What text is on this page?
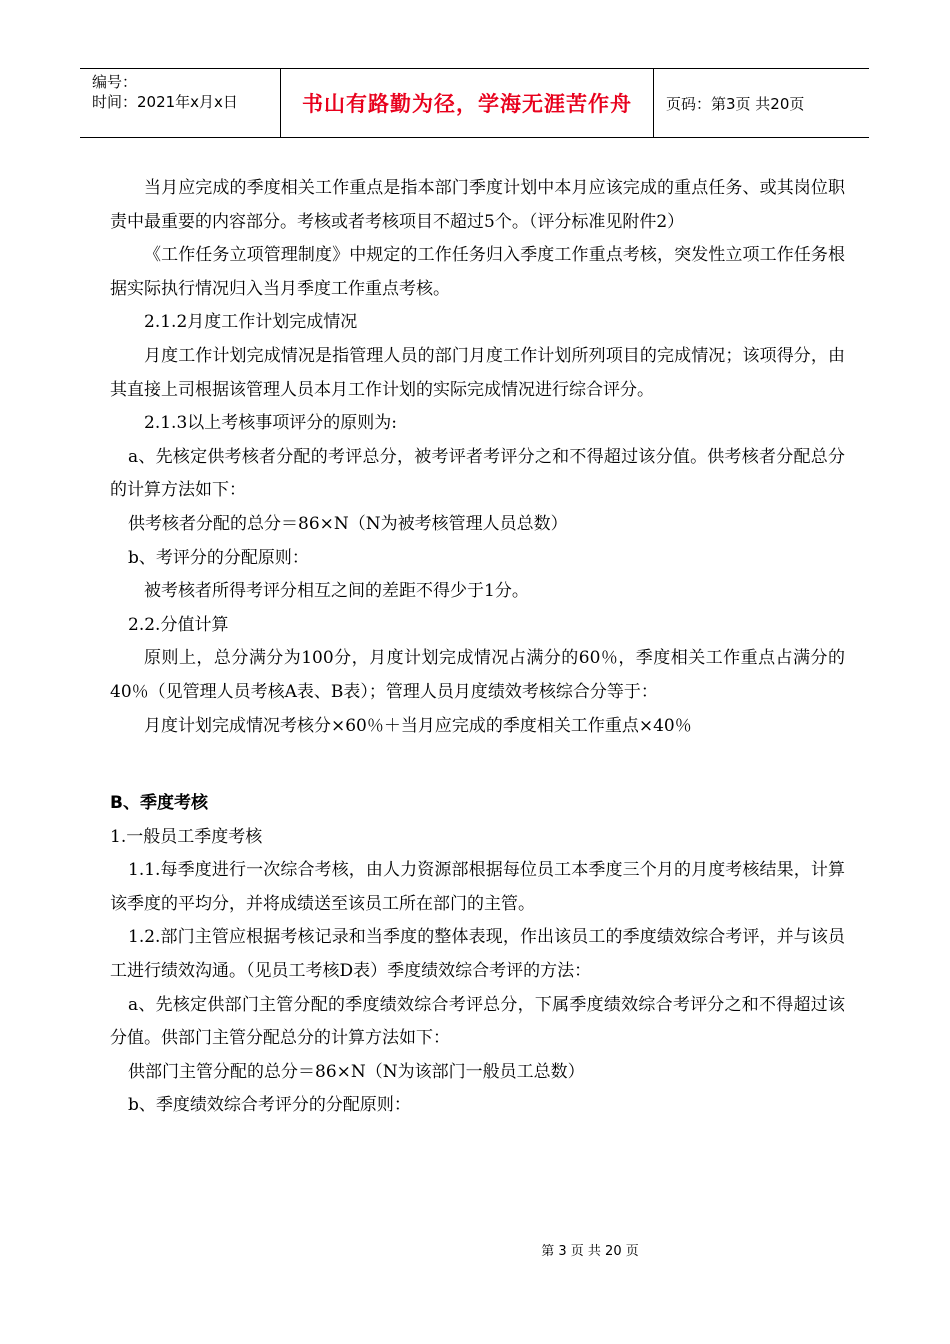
编号：
时间：2021年x月x日	书山有路勤为径，学海无涯苦作舟	页码：第3页 共20页

当月应完成的季度相关工作重点是指本部门季度计划中本月应该完成的重点任务、或其岗位职责中最重要的内容部分。考核或者考核项目不超过5个。（评分标准见附件2）

《工作任务立项管理制度》中规定的工作任务归入季度工作重点考核，突发性立项工作任务根据实际执行情况归入当月季度工作重点考核。

2.1.2月度工作计划完成情况

月度工作计划完成情况是指管理人员的部门月度工作计划所列项目的完成情况；该项得分，由其直接上司根据该管理人员本月工作计划的实际完成情况进行综合评分。

2.1.3以上考核事项评分的原则为:

a、先核定供考核者分配的考评总分，被考评者考评分之和不得超过该分值。供考核者分配总分的计算方法如下：

供考核者分配的总分＝86×N（N为被考核管理人员总数）

b、考评分的分配原则：

被考核者所得考评分相互之间的差距不得少于1分。

2.2.分值计算

原则上，总分满分为100分，月度计划完成情况占满分的60％，季度相关工作重点占满分的40％（见管理人员考核A表、B表）；管理人员月度绩效考核综合分等于：

月度计划完成情况考核分×60％＋当月应完成的季度相关工作重点×40％

B、季度考核

1.一般员工季度考核

1.1.每季度进行一次综合考核，由人力资源部根据每位员工本季度三个月的月度考核结果，计算该季度的平均分，并将成绩送至该员工所在部门的主管。

1.2.部门主管应根据考核记录和当季度的整体表现，作出该员工的季度绩效综合考评，并与该员工进行绩效沟通。（见员工考核D表）季度绩效综合考评的方法：

a、先核定供部门主管分配的季度绩效综合考评总分，下属季度绩效综合考评分之和不得超过该分值。供部门主管分配总分的计算方法如下：

供部门主管分配的总分＝86×N（N为该部门一般员工总数）

b、季度绩效综合考评分的分配原则：

第 3 页 共 20 页
